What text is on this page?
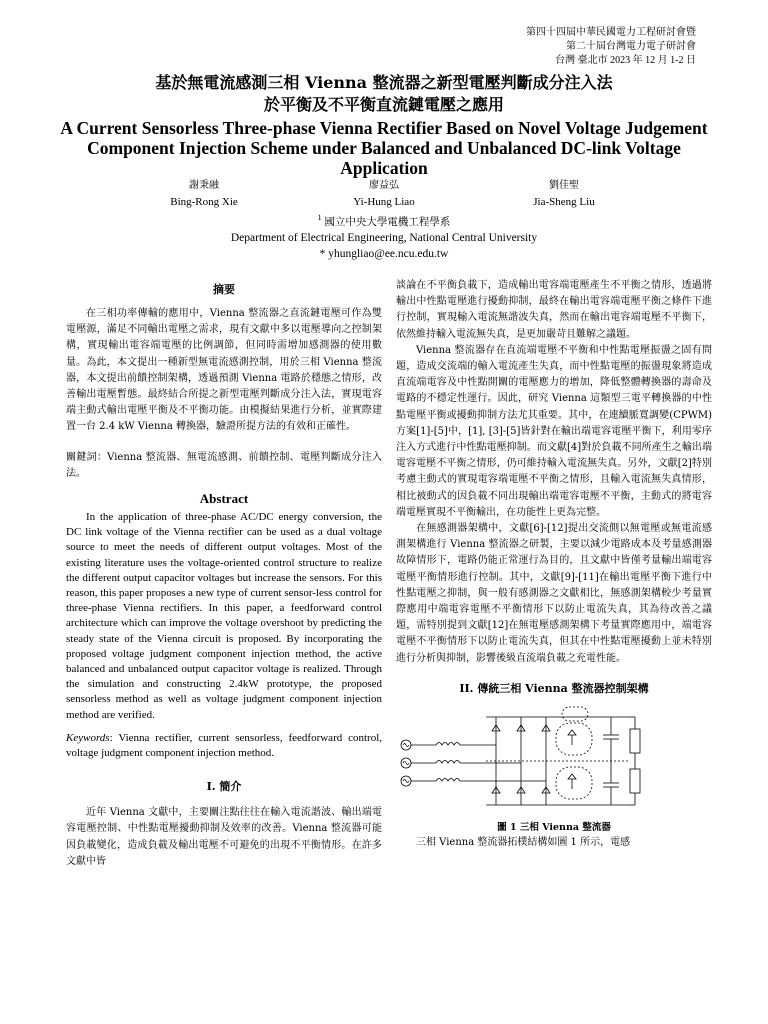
第四十四屆中華民國電力工程研討會暨
第二十屆台灣電力電子研討會
台灣 臺北市 2023 年 12 月 1-2 日
基於無電流感測三相 Vienna 整流器之新型電壓判斷成分注入法
於平衡及不平衡直流鏈電壓之應用
A Current Sensorless Three-phase Vienna Rectifier Based on Novel Voltage Judgement Component Injection Scheme under Balanced and Unbalanced DC-link Voltage Application
謝秉融
Bing-Rong Xie
廖益弘
Yi-Hung Liao
劉佳聖
Jia-Sheng Liu
$^1$ 國立中央大學電機工程學系
Department of Electrical Engineering, National Central University
* yhungliao@ee.ncu.edu.tw
摘要

在三相功率傳輸的應用中，Vienna 整流器之直流鏈電壓可作為雙電壓源，滿足不同輸出電壓之需求，現有文獻中多以電壓導向之控制架構，實現輸出電容端電壓的比例調節，但同時需增加感測器的使用數量。為此，本文提出一種新型無電流感測控制，用於三相 Vienna 整流器，本文提出前饋控制架構，透過預測 Vienna 電路於穩態之情形，改善輸出電壓暫態。最終結合所提之新型電壓判斷成分注入法，實現電容端主動式輸出電壓平衡及不平衡功能。由模擬結果進行分析，並實際建置一台 2.4 kW Vienna 轉換器，驗證所提方法的有效和正確性。

關鍵詞：Vienna 整流器、無電流感測、前饋控制、電壓判斷成分注入法。

Abstract

In the application of three-phase AC/DC energy conversion, the DC link voltage of the Vienna rectifier can be used as a dual voltage source to meet the needs of different output voltages. Most of the existing literature uses the voltage-oriented control structure to realize the different output capacitor voltages but increase the sensors. For this reason, this paper proposes a new type of current sensor-less control for three-phase Vienna rectifiers. In this paper, a feedforward control architecture which can improve the voltage overshoot by predicting the steady state of the Vienna circuit is proposed. By incorporating the proposed voltage judgment component injection method, the active balanced and unbalanced output capacitor voltage is realized. Through the simulation and constructing 2.4kW prototype, the proposed sensorless method as well as voltage judgment component injection method are verified.

Keywords: Vienna rectifier, current sensorless, feedforward control, voltage judgment component injection method.

I. 簡介

近年 Vienna 文獻中，主要關注點往往在輸入電流諧波、輸出端電容電壓控制、中性點電壓擾動抑制及效率的改善。Vienna 整流器可能因負載變化，造成負載及輸出電壓不可避免的出現不平衡情形。在許多文獻中皆

談論在不平衡負載下，造成輸出電容端電壓產生不平衡之情形，透過將輸出中性點電壓進行擾動抑制，最終在輸出電容端電壓平衡之條件下進行控制，實現輸入電流無諧波失真，然而在輸出電容端電壓不平衡下，依然維持輸入電流無失真，是更加嚴苛且難解之議題。

Vienna 整流器存在直流端電壓不平衡和中性點電壓振盪之固有問題，造成交流端的輸入電流產生失真，而中性點電壓的振盪現象將造成直流端電容及中性點開關的電壓應力的增加，降低整體轉換器的壽命及電路的不穩定性運行。因此，研究 Vienna 這類型三電平轉換器的中性點電壓平衡或擾動抑制方法尤其重要。其中，在連續脈寬調變(CPWM)方案[1]-[5]中，[1], [3]-[5]皆針對在輸出端電容電壓平衡下，利用零序注入方式進行中性點電壓抑制。而文獻[4]對於負載不同所產生之輸出端電容電壓不平衡之情形，仍可維持輸入電流無失真。另外，文獻[2]特別考慮主動式的實現電容端電壓不平衡之情形，且輸入電流無失真情形，相比被動式的因負載不同出現輸出端電容電壓不平衡，主動式的將電容端電壓實現不平衡輸出，在功能性上更為完整。

在無感測器架構中，文獻[6]-[12]提出交流側以無電壓或無電流感測架構進行 Vienna 整流器之研製，主要以減少電路成本及考量感測器故障情形下，電路仍能正常運行為目的，且文獻中皆僅考量輸出端電容電壓平衡情形進行控制。其中，文獻[9]-[11]在輸出電壓平衡下進行中性點電壓之抑制，與一般有感測器之文獻相比，無感測架構較少考量實際應用中端電容電壓不平衡情形下以防止電流失真，其為待改善之議題，需特別提到文獻[12]在無電壓感測架構下考量實際應用中，端電容電壓不平衡情形下以防止電流失真，但其在中性點電壓擾動上並未特別進行分析與抑制，影響後級直流端負載之充電性能。

II. 傳統三相 Vienna 整流器控制架構
圖 1 三相 Vienna 整流器

三相 Vienna 整流器拓樸結構如圖 1 所示，電感
